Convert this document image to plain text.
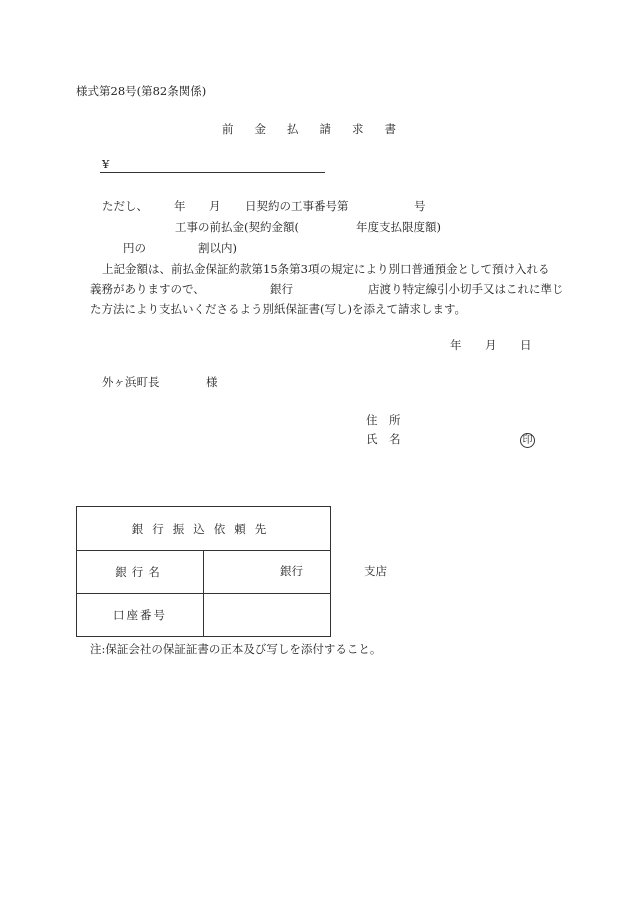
様式第28号(第82条関係)
前 金 払 請 求 書
¥
ただし、 年 月 日契約の工事番号第	号
工事の前払金(契約金額(	年度支払限度額)
円の	割以内)
上記金額は、前払金保証約款第15条第3項の規定により別口普通預金として預け入れる
義務がありますので、	銀行	店渡り特定線引小切手又はこれに準じ
た方法により支払いくださるよう別紙保証書(写し)を添えて請求します。
年 月 日
外ヶ浜町長	様
住　所
氏　名	印
銀行振込依頼先	
銀行名	銀行 支店

口座番号	
注:保証会社の保証証書の正本及び写しを添付すること。
